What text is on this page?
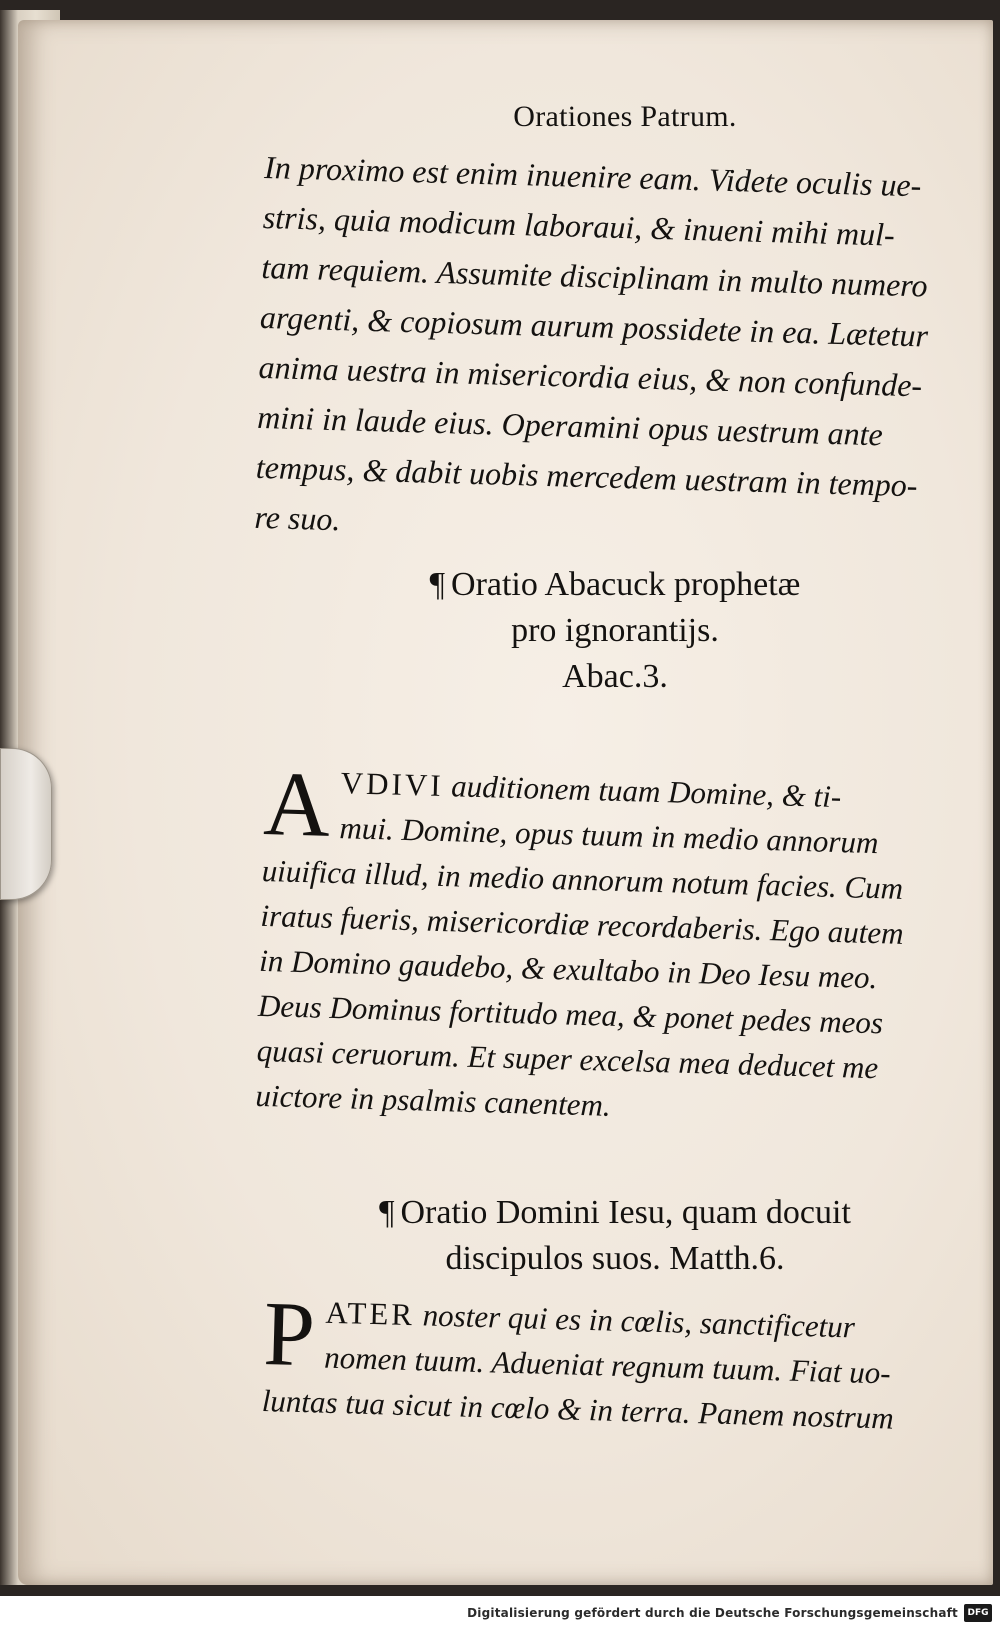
Orationes Patrum.
In proximo est enim inuenire eam. Videte oculis ue-
stris, quia modicum laboraui, & inueni mihi mul-
tam requiem. Assumite disciplinam in multo numero
argenti, & copiosum aurum possidete in ea. Lætetur
anima uestra in misericordia eius, & non confunde-
mini in laude eius. Operamini opus uestrum ante
tempus, & dabit uobis mercedem uestram in tempo-
re suo.
¶ Oratio Abacuck prophetæ
pro ignorantijs.
Abac.3.
A VDIVI auditionem tuam Domine, & ti-
mui. Domine, opus tuum in medio annorum
uiuifica illud, in medio annorum notum facies. Cum
iratus fueris, misericordiæ recordaberis. Ego autem
in Domino gaudebo, & exultabo in Deo Iesu meo.
Deus Dominus fortitudo mea, & ponet pedes meos
quasi ceruorum. Et super excelsa mea deducet me
uictore in psalmis canentem.
¶ Oratio Domini Iesu, quam docuit
discipulos suos. Matth.6.
P ATER noster qui es in cœlis, sanctificetur
nomen tuum. Adueniat regnum tuum. Fiat uo-
luntas tua sicut in cœlo & in terra. Panem nostrum
Digitalisierung gefördert durch die Deutsche Forschungsgemeinschaft	DFG
